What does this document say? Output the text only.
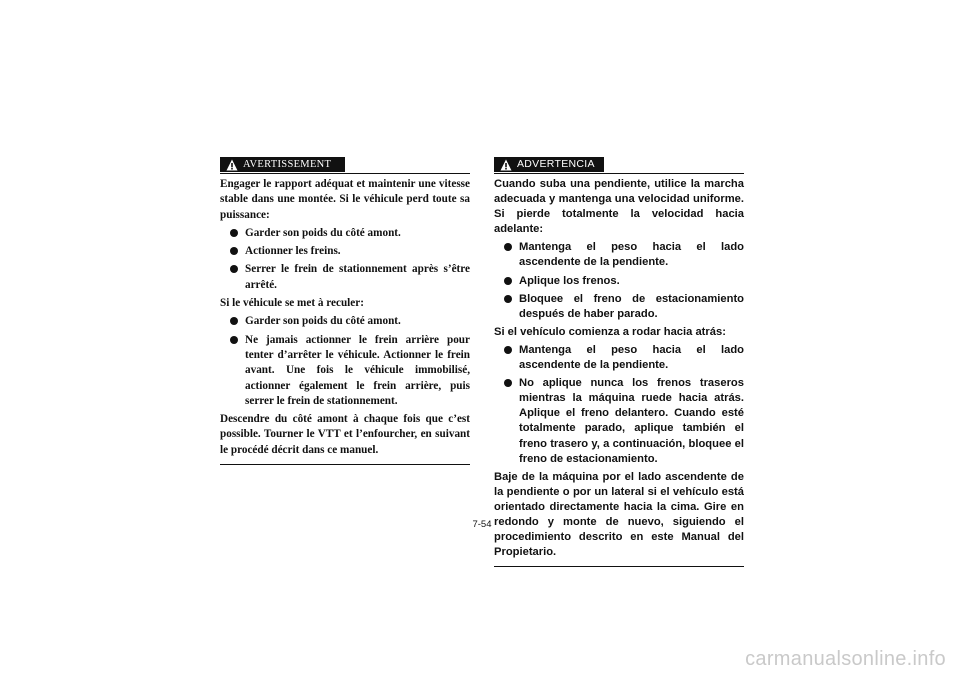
AVERTISSEMENT

Engager le rapport adéquat et maintenir une vitesse stable dans une montée. Si le véhicule perd toute sa puissance:

Garder son poids du côté amont.
Actionner les freins.
Serrer le frein de stationnement après s’être arrêté.

Si le véhicule se met à reculer:

Garder son poids du côté amont.
Ne jamais actionner le frein arrière pour tenter d’arrêter le véhicule. Actionner le frein avant. Une fois le véhicule immobilisé, actionner également le frein arrière, puis serrer le frein de stationnement.

Descendre du côté amont à chaque fois que c’est possible. Tourner le VTT et l’enfourcher, en suivant le procédé décrit dans ce manuel.

ADVERTENCIA

Cuando suba una pendiente, utilice la marcha adecuada y mantenga una velocidad uniforme. Si pierde totalmente la velocidad hacia adelante:

Mantenga el peso hacia el lado ascendente de la pendiente.
Aplique los frenos.
Bloquee el freno de estacionamiento después de haber parado.

Si el vehículo comienza a rodar hacia atrás:

Mantenga el peso hacia el lado ascendente de la pendiente.
No aplique nunca los frenos traseros mientras la máquina ruede hacia atrás. Aplique el freno delantero. Cuando esté totalmente parado, aplique también el freno trasero y, a continuación, bloquee el freno de estacionamiento.

Baje de la máquina por el lado ascendente de la pendiente o por un lateral si el vehículo está orientado directamente hacia la cima. Gire en redondo y monte de nuevo, siguiendo el procedimiento descrito en este Manual del Propietario.

7-54
carmanualsonline.info
